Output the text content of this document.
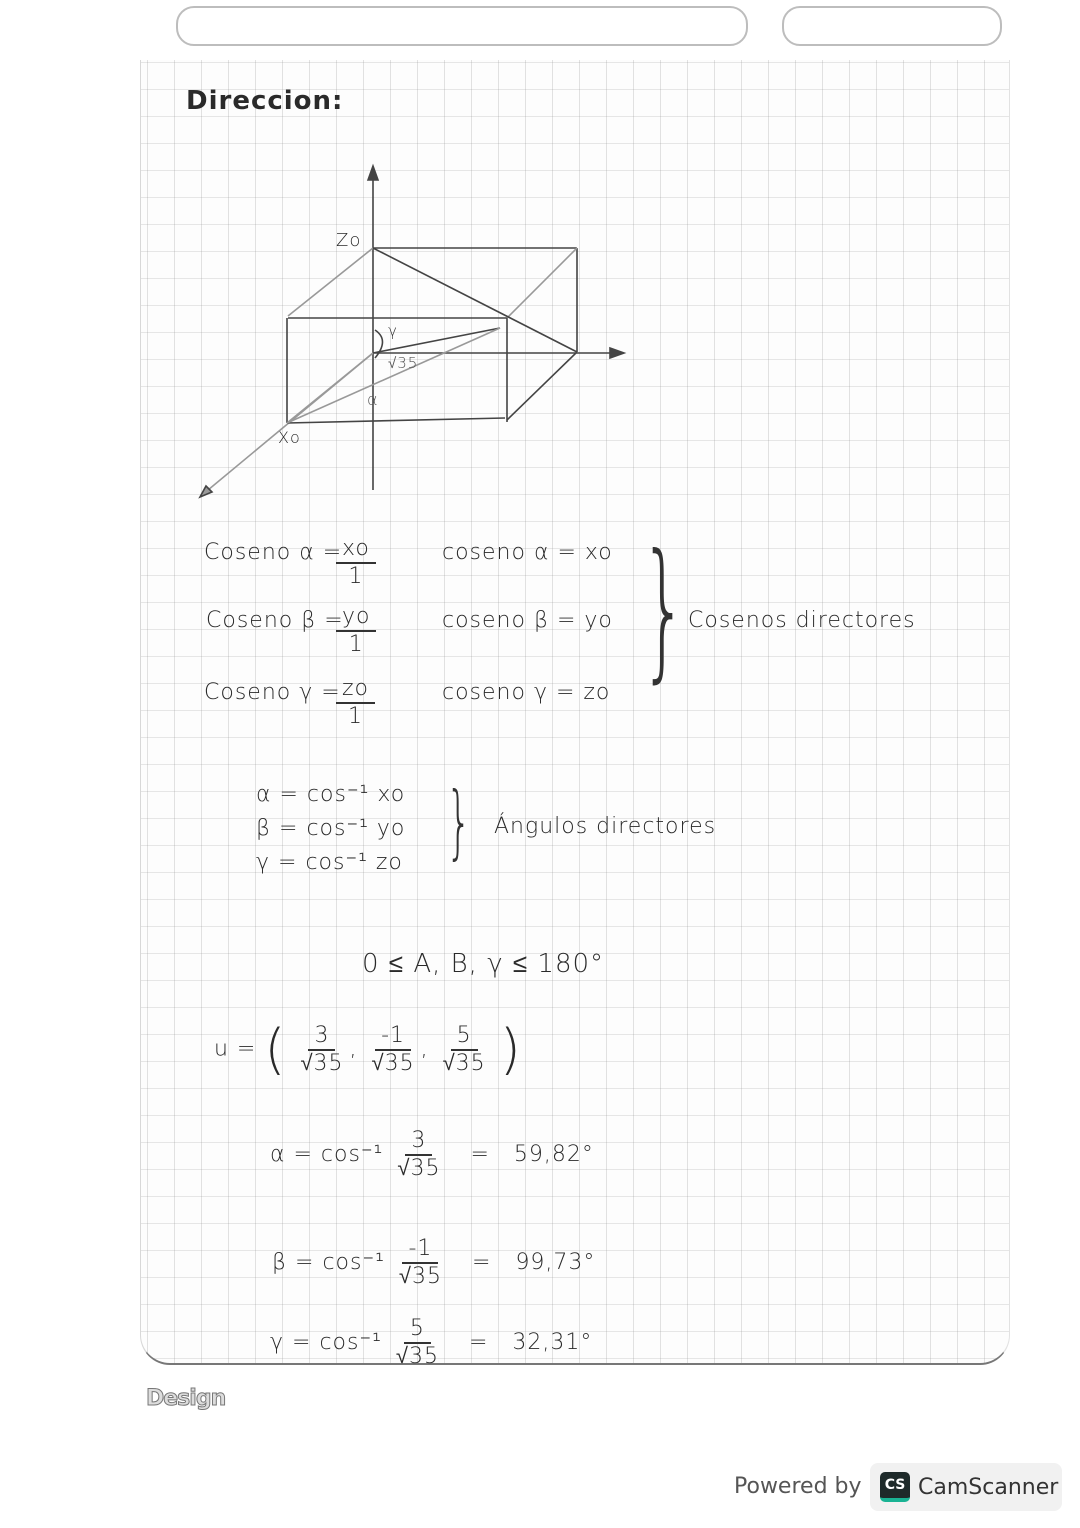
Direccion:
Zo
Xo
γ
√35
α
Coseno α =
$\frac{xo}{1}$	coseno α = xo
Coseno β =
$\frac{yo}{1}$	coseno β = yo
Coseno γ =
$\frac{zo}{1}$	coseno γ = zo } Cosenos directores
α = cos⁻¹ xo
β = cos⁻¹ yo
γ = cos⁻¹ zo } Ángulos directores
0 ≤ A, B, γ ≤ 180°
u = ( $\frac{3}{√35}$ , $\frac{-1}{√35}$ , $\frac{5}{√35}$ )
$\alpha = \cos^{-1} \frac{3}{√35} = 59,82^\circ$
$\beta = \cos^{-1} \frac{-1}{√35} = 99,73^\circ$
$\gamma = \cos^{-1} \frac{5}{√35} = 32,31^\circ$
Design
Powered by	CS CamScanner
